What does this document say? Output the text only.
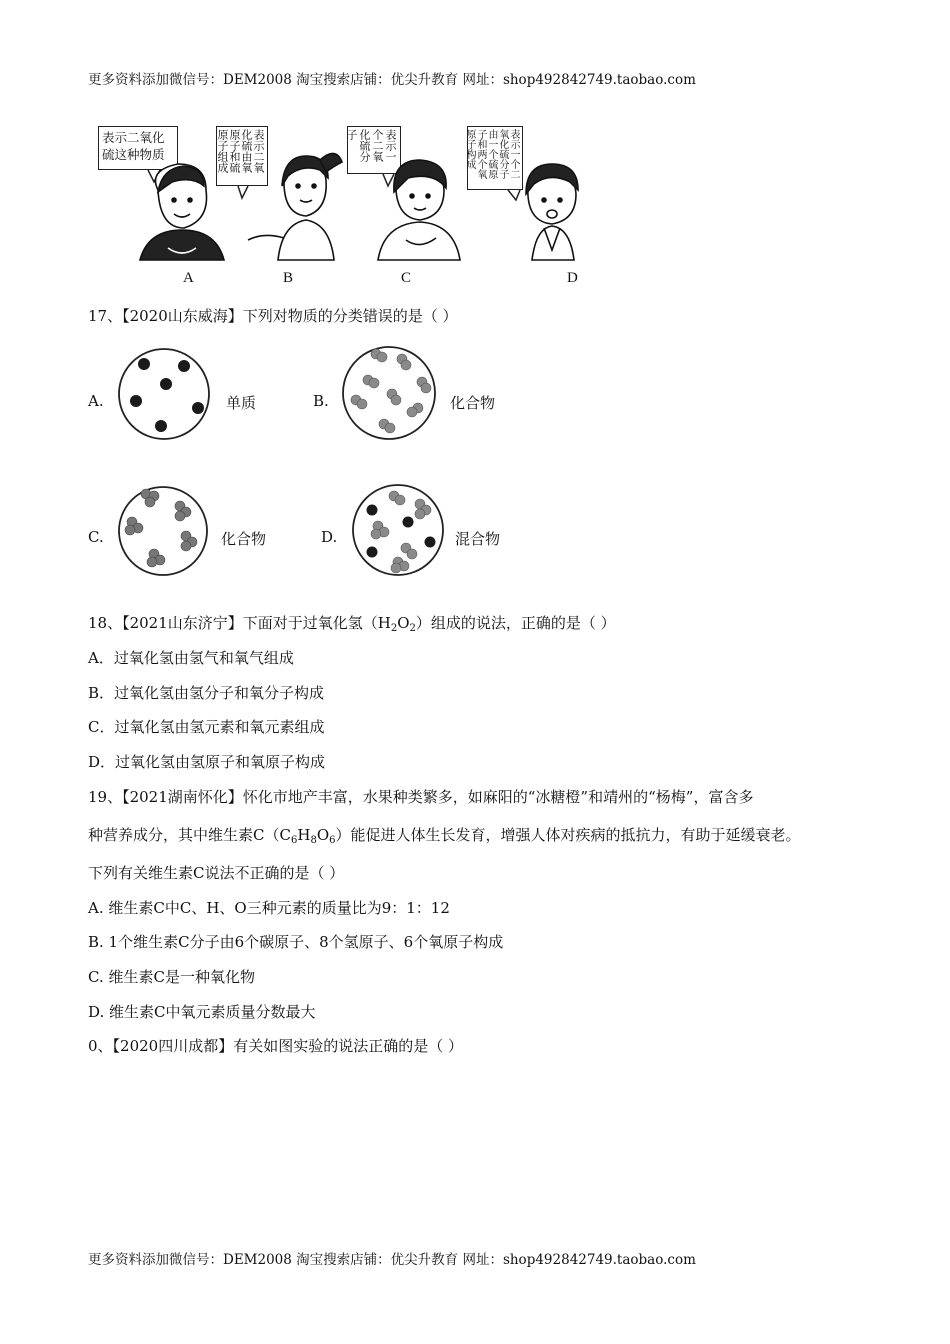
更多资料添加微信号：DEM2008 淘宝搜索店铺：优尖升教育 网址：shop492842749.taobao.com
表示二氧化硫这种物质	表示二氧化硫由氧原子和硫原子组成	表示一个二氧化硫分子	表示一个二氧化硫分子由一个硫原子和两个氧原子构成
A	B	C	D
17、【2020山东威海】下列对物质的分类错误的是（ ）
A.	单质	B.	化合物
C.	化合物	D.	混合物
18、【2021山东济宁】下面对于过氧化氢$(H_2O_2)$组成的说法，正确的是（ ）
A．过氧化氢由氢气和氧气组成
B．过氧化氢由氢分子和氧分子构成
C．过氧化氢由氢元素和氧元素组成
D．过氧化氢由氢原子和氧原子构成
19、【2021湖南怀化】怀化市地产丰富，水果种类繁多，如麻阳的“冰糖橙”和靖州的“杨梅”，富含多
种营养成分，其中维生素$C(C_6H_8O_6)$能促进人体生长发育，增强人体对疾病的抵抗力，有助于延缓衰老。
下列有关维生素C说法不正确的是（ ）
A. 维生素C中C、H、O三种元素的质量比为9：1：12
B. 1个维生素C分子由6个碳原子、8个氢原子、6个氧原子构成
C. 维生素C是一种氧化物
D. 维生素C中氧元素质量分数最大
0、【2020四川成都】有关如图实验的说法正确的是（ ）
更多资料添加微信号：DEM2008 淘宝搜索店铺：优尖升教育 网址：shop492842749.taobao.com
